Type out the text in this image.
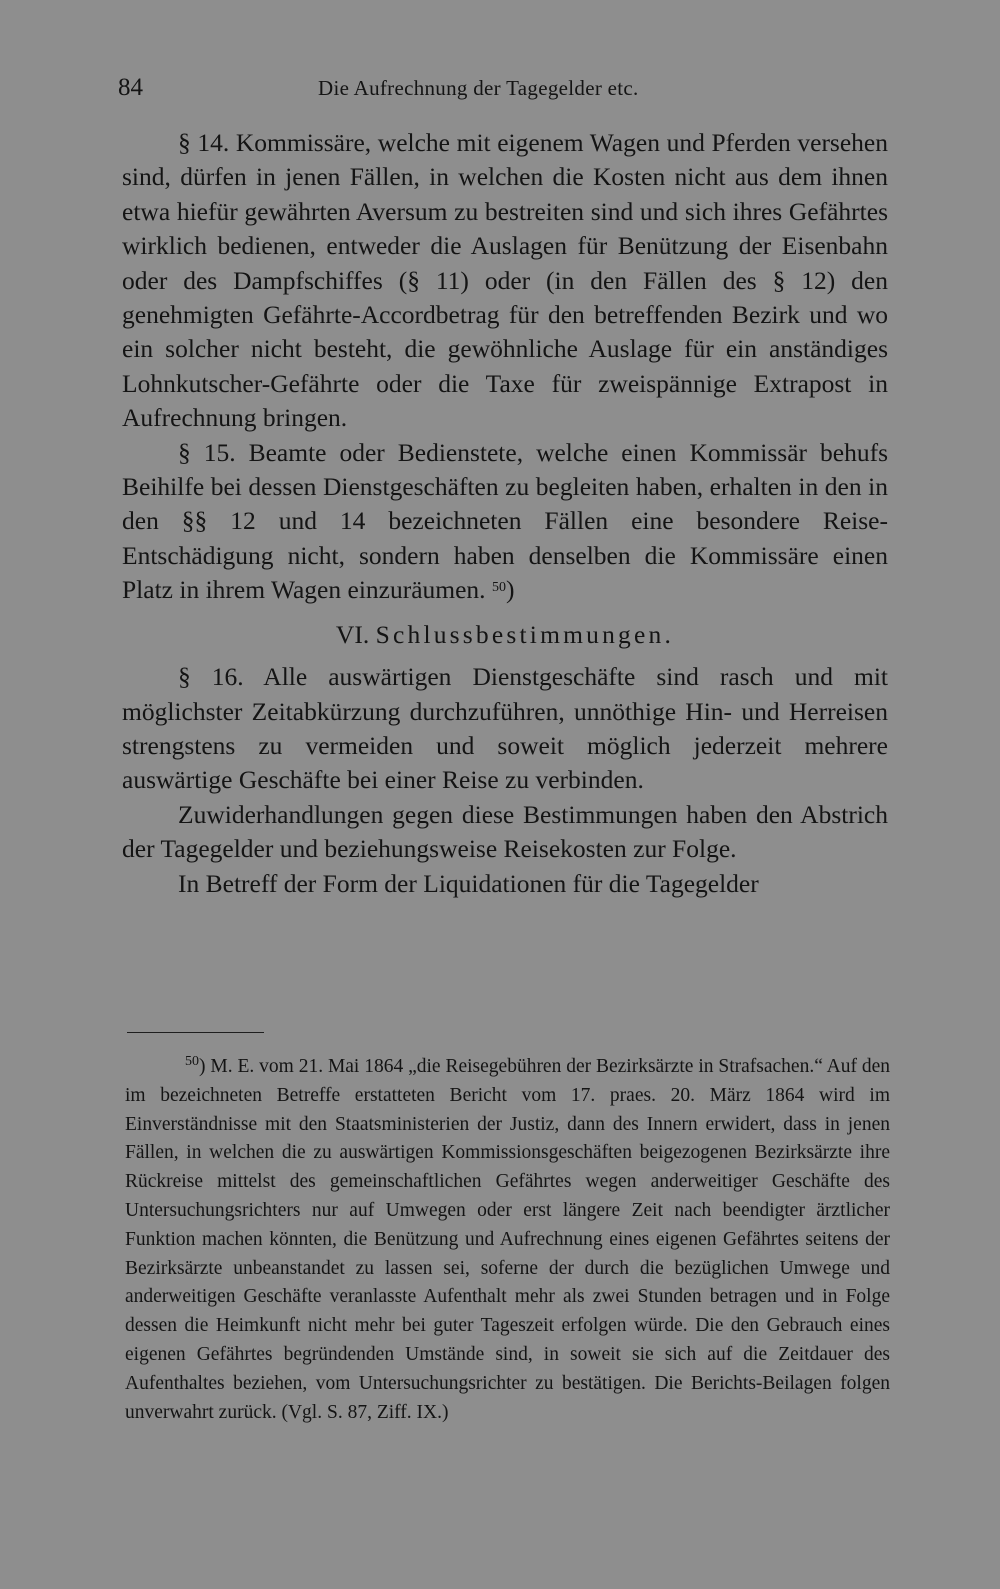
84	Die Aufrechnung der Tagegelder etc.

§ 14. Kommissäre, welche mit eigenem Wagen und Pferden versehen sind, dürfen in jenen Fällen, in welchen die Kosten nicht aus dem ihnen etwa hiefür gewährten Aversum zu bestreiten sind und sich ihres Gefährtes wirklich bedienen, entweder die Auslagen für Benützung der Eisenbahn oder des Dampfschiffes (§ 11) oder (in den Fällen des § 12) den genehmigten Gefährte-Accordbetrag für den betreffenden Bezirk und wo ein solcher nicht besteht, die gewöhnliche Auslage für ein anständiges Lohnkutscher-Gefährte oder die Taxe für zweispännige Extrapost in Aufrechnung bringen.

§ 15. Beamte oder Bedienstete, welche einen Kommissär behufs Beihilfe bei dessen Dienstgeschäften zu begleiten haben, erhalten in den in den §§ 12 und 14 bezeichneten Fällen eine besondere Reise-Entschädigung nicht, sondern haben denselben die Kommissäre einen Platz in ihrem Wagen einzuräumen. $^{50}$)

VI. Schlussbestimmungen.

§ 16. Alle auswärtigen Dienstgeschäfte sind rasch und mit möglichster Zeitabkürzung durchzuführen, unnöthige Hin- und Herreisen strengstens zu vermeiden und soweit möglich jederzeit mehrere auswärtige Geschäfte bei einer Reise zu verbinden.

Zuwiderhandlungen gegen diese Bestimmungen haben den Abstrich der Tagegelder und beziehungsweise Reisekosten zur Folge.

In Betreff der Form der Liquidationen für die Tagegelder

$^{50}$) M. E. vom 21. Mai 1864 „die Reisegebühren der Bezirksärzte in Strafsachen.“ Auf den im bezeichneten Betreffe erstatteten Bericht vom 17. praes. 20. März 1864 wird im Einverständnisse mit den Staatsministerien der Justiz, dann des Innern erwidert, dass in jenen Fällen, in welchen die zu auswärtigen Kommissionsgeschäften beigezogenen Bezirksärzte ihre Rückreise mittelst des gemeinschaftlichen Gefährtes wegen anderweitiger Geschäfte des Untersuchungsrichters nur auf Umwegen oder erst längere Zeit nach beendigter ärztlicher Funktion machen könnten, die Benützung und Aufrechnung eines eigenen Gefährtes seitens der Bezirksärzte unbeanstandet zu lassen sei, soferne der durch die bezüglichen Umwege und anderweitigen Geschäfte veranlasste Aufenthalt mehr als zwei Stunden betragen und in Folge dessen die Heimkunft nicht mehr bei guter Tageszeit erfolgen würde. Die den Gebrauch eines eigenen Gefährtes begründenden Umstände sind, in soweit sie sich auf die Zeitdauer des Aufenthaltes beziehen, vom Untersuchungsrichter zu bestätigen. Die Berichts-Beilagen folgen unverwahrt zurück. (Vgl. S. 87, Ziff. IX.)
